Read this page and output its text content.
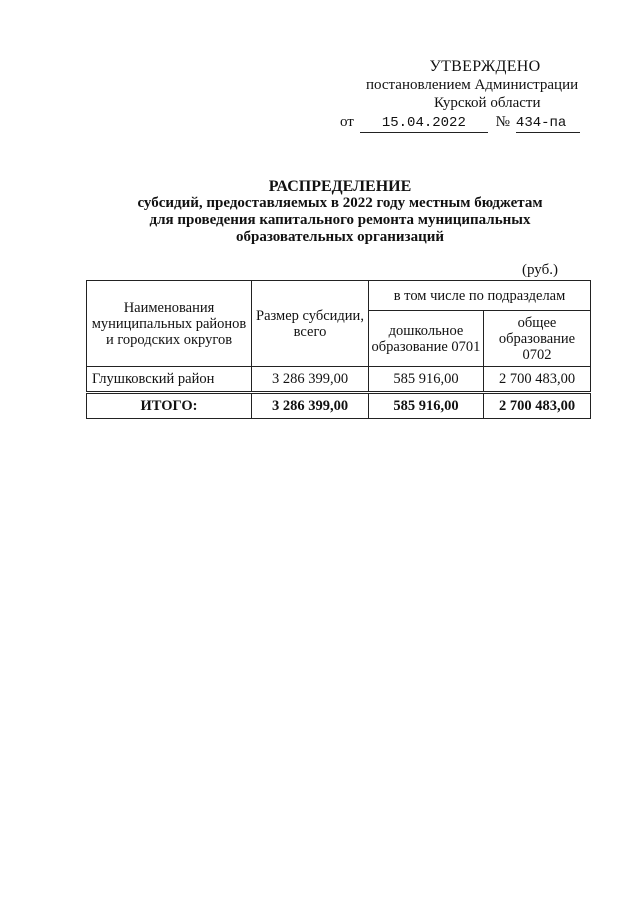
УТВЕРЖДЕНО
постановлением Администрации
Курской области
от 15.04.2022 № 434-па
РАСПРЕДЕЛЕНИЕ
субсидий, предоставляемых в 2022 году местным бюджетам
для проведения капитального ремонта муниципальных
образовательных организаций
(руб.)
Наименования муниципальных районов и городских округов	Размер субсидии, всего	в том числе по подразделам	
		дошкольное образование 0701	общее образование 0702
Глушковский район	3 286 399,00	585 916,00	2 700 483,00
ИТОГО:	3 286 399,00	585 916,00	2 700 483,00
